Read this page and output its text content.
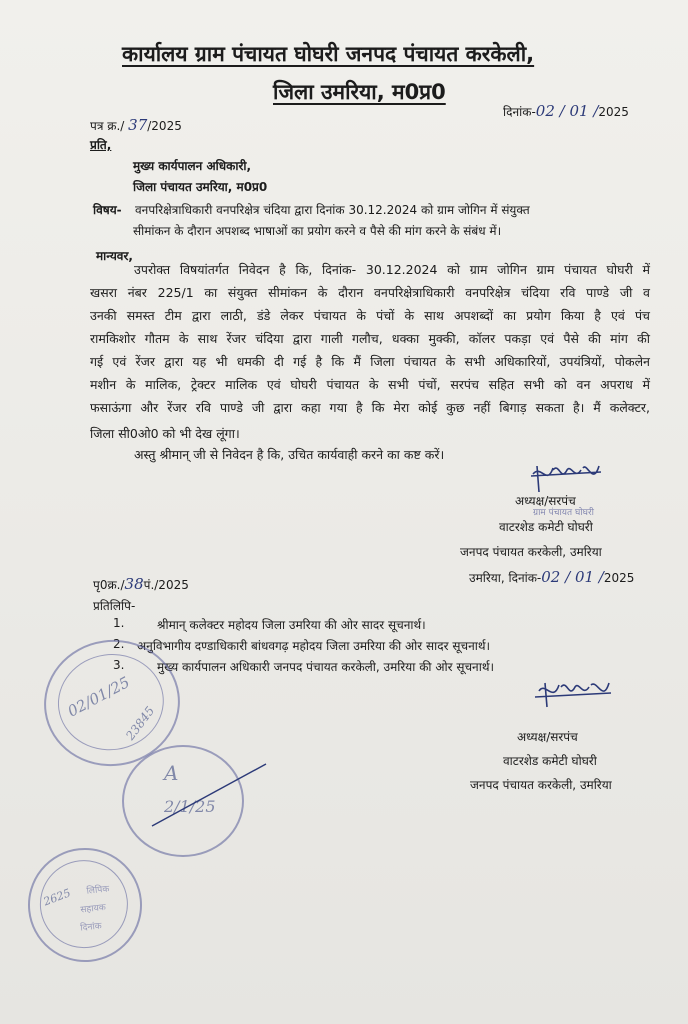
कार्यालय ग्राम पंचायत घोघरी जनपद पंचायत करकेली,
जिला उमरिया, म0प्र0
पत्र क्र./ 37/2025
दिनांक-02 / 01 /2025
प्रति,
मुख्य कार्यपालन अधिकारी,
जिला पंचायत उमरिया, म0प्र0
विषय- वनपरिक्षेत्राधिकारी वनपरिक्षेत्र चंदिया द्वारा दिनांक 30.12.2024 को ग्राम जोगिन में संयुक्त
सीमांकन के दौरान अपशब्द भाषाओं का प्रयोग करने व पैसे की मांग करने के संबंध में।
मान्यवर,
उपरोक्त विषयांतर्गत निवेदन है कि, दिनांक- 30.12.2024 को ग्राम जोगिन ग्राम पंचायत घोघरी में
खसरा नंबर 225/1 का संयुक्त सीमांकन के दौरान वनपरिक्षेत्राधिकारी वनपरिक्षेत्र चंदिया रवि पाण्डे जी व
उनकी समस्त टीम द्वारा लाठी, डंडे लेकर पंचायत के पंचों के साथ अपशब्दों का प्रयोग किया है एवं पंच
रामकिशोर गौतम के साथ रेंजर चंदिया द्वारा गाली गलौच, धक्का मुक्की, कॉलर पकड़ा एवं पैसे की मांग की
गई एवं रेंजर द्वारा यह भी धमकी दी गई है कि मैं जिला पंचायत के सभी अधिकारियों, उपयंत्रियों, पोकलेन
मशीन के मालिक, ट्रेक्टर मालिक एवं घोघरी पंचायत के सभी पंचों, सरपंच सहित सभी को वन अपराध में
फसाऊंगा और रेंजर रवि पाण्डे जी द्वारा कहा गया है कि मेरा कोई कुछ नहीं बिगाड़ सकता है। मैं कलेक्टर,
जिला सी0ओ0 को भी देख लूंगा।
अस्तु श्रीमान् जी से निवेदन है कि, उचित कार्यवाही करने का कष्ट करें।
अध्यक्ष/सरपंच
ग्राम पंचायत घोघरी
वाटरशेड कमेटी घोघरी
जनपद पंचायत करकेली, उमरिया
उमरिया, दिनांक-02 / 01 /2025
पृ0क्र./38पं./2025
प्रतिलिपि-
1.	श्रीमान् कलेक्टर महोदय जिला उमरिया की ओर सादर सूचनार्थ।
2. अनुविभागीय दण्डाधिकारी बांधवगढ़ महोदय जिला उमरिया की ओर सादर सूचनार्थ।
3.	मुख्य कार्यपालन अधिकारी जनपद पंचायत करकेली, उमरिया की ओर सूचनार्थ।
अध्यक्ष/सरपंच
वाटरशेड कमेटी घोघरी
जनपद पंचायत करकेली, उमरिया
02/01/25
23845
A
2/1/25
2625 लिपिक
सहायक
दिनांक
